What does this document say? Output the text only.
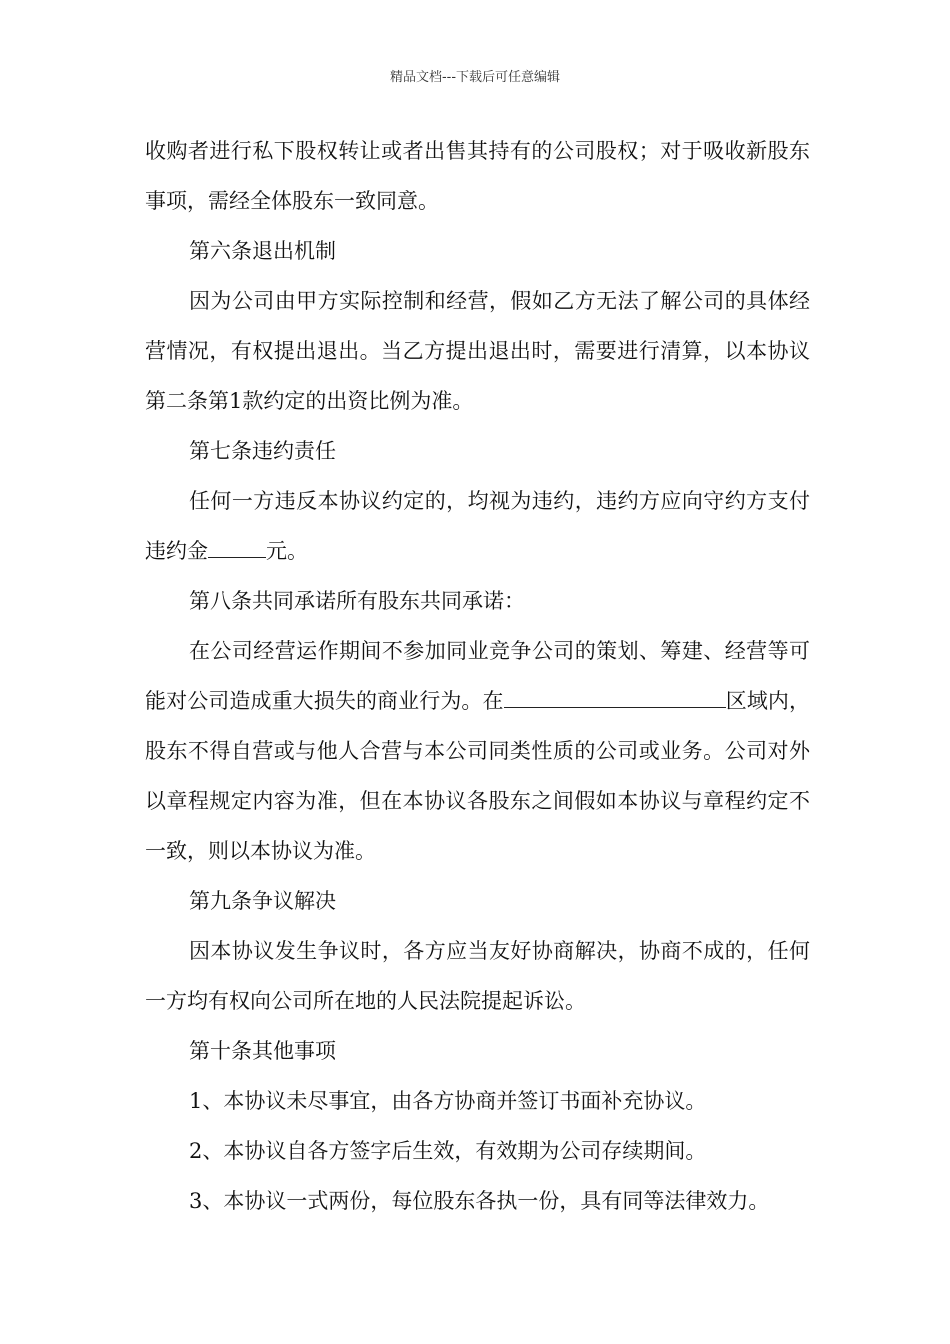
精品文档---下载后可任意编辑

收购者进行私下股权转让或者出售其持有的公司股权；对于吸收新股东事项，需经全体股东一致同意。

第六条退出机制

因为公司由甲方实际控制和经营，假如乙方无法了解公司的具体经营情况，有权提出退出。当乙方提出退出时，需要进行清算，以本协议第二条第1款约定的出资比例为准。

第七条违约责任

任何一方违反本协议约定的，均视为违约，违约方应向守约方支付违约金	元。

第八条共同承诺所有股东共同承诺：

在公司经营运作期间不参加同业竞争公司的策划、筹建、经营等可能对公司造成重大损失的商业行为。在	区域内，股东不得自营或与他人合营与本公司同类性质的公司或业务。公司对外以章程规定内容为准，但在本协议各股东之间假如本协议与章程约定不一致，则以本协议为准。

第九条争议解决

因本协议发生争议时，各方应当友好协商解决，协商不成的，任何一方均有权向公司所在地的人民法院提起诉讼。

第十条其他事项

1、本协议未尽事宜，由各方协商并签订书面补充协议。

2、本协议自各方签字后生效，有效期为公司存续期间。

3、本协议一式两份，每位股东各执一份，具有同等法律效力。
